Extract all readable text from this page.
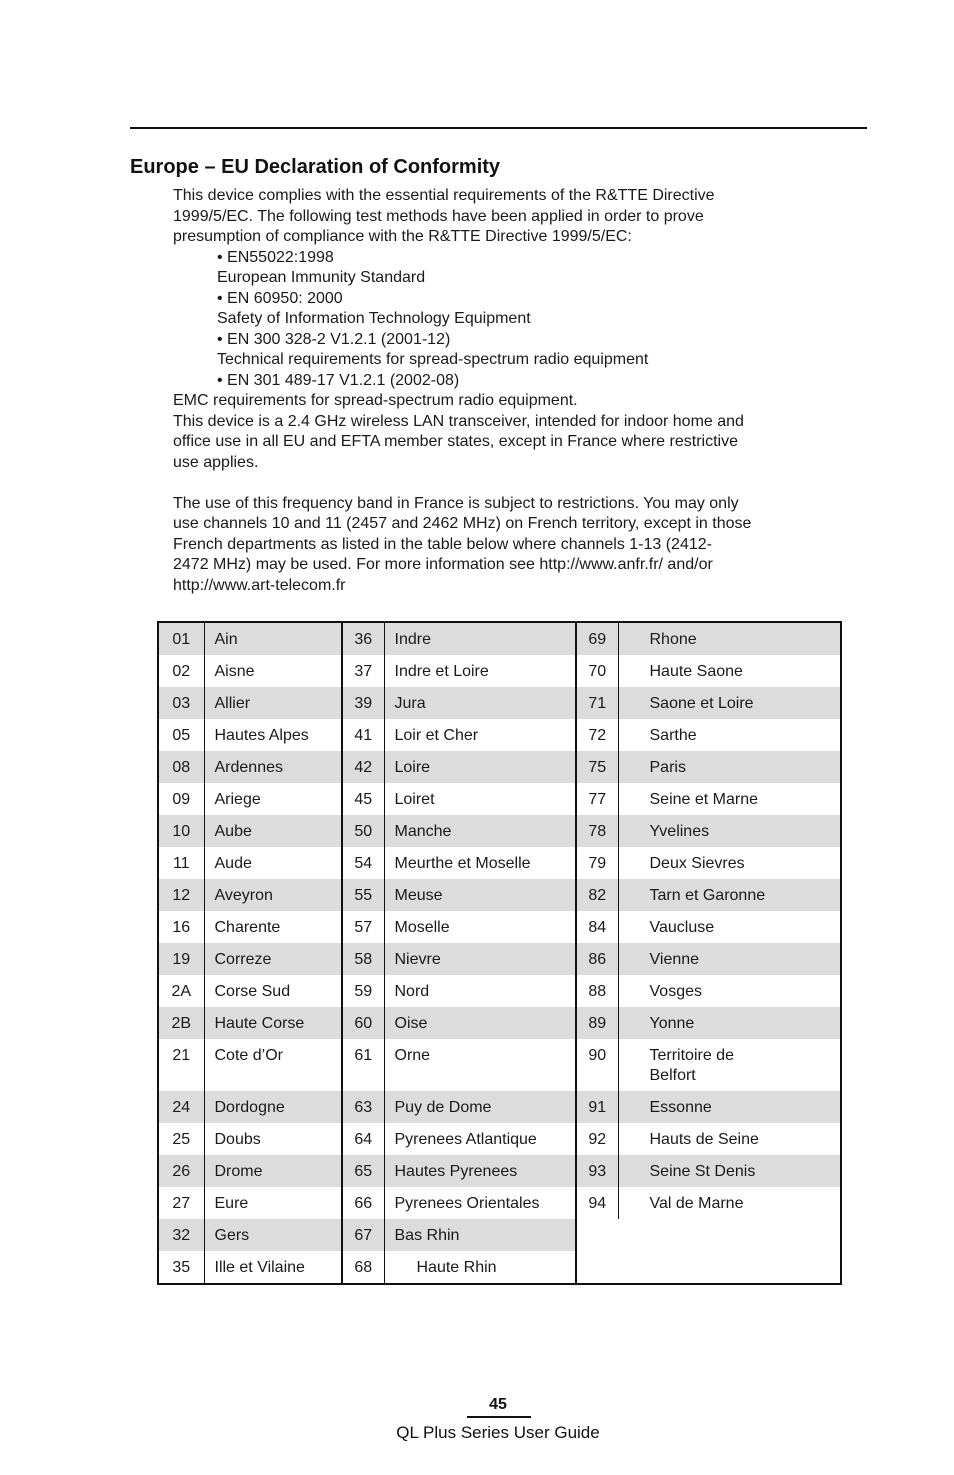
Europe – EU Declaration of Conformity

This device complies with the essential requirements of the R&TTE Directive

1999/5/EC. The following test methods have been applied in order to prove

presumption of compliance with the R&TTE Directive 1999/5/EC:

• EN55022:1998

European Immunity Standard

• EN 60950: 2000

Safety of Information Technology Equipment

• EN 300 328-2 V1.2.1 (2001-12)

Technical requirements for spread-spectrum radio equipment

• EN 301 489-17 V1.2.1 (2002-08)

EMC requirements for spread-spectrum radio equipment.

This device is a 2.4 GHz wireless LAN transceiver, intended for indoor home and

office use in all EU and EFTA member states, except in France where restrictive

use applies.

The use of this frequency band in France is subject to restrictions. You may only

use channels 10 and 11 (2457 and 2462 MHz) on French territory, except in those

French departments as listed in the table below where channels 1-13 (2412-

2472 MHz) may be used. For more information see http://www.anfr.fr/ and/or

http://www.art-telecom.fr

01	Ain	36	Indre	69	Rhone

02	Aisne	37	Indre et Loire	70	Haute Saone

03	Allier	39	Jura	71	Saone et Loire

05	Hautes Alpes	41	Loir et Cher	72	Sarthe

08	Ardennes	42	Loire	75	Paris

09	Ariege	45	Loiret	77	Seine et Marne

10	Aube	50	Manche	78	Yvelines

11	Aude	54	Meurthe et Moselle	79	Deux Sievres

12	Aveyron	55	Meuse	82	Tarn et Garonne

16	Charente	57	Moselle	84	Vaucluse

19	Correze	58	Nievre	86	Vienne

2A	Corse Sud	59	Nord	88	Vosges

2B	Haute Corse	60	Oise	89	Yonne

21	Cote d’Or	61	Orne	90	Territoire de Belfort

24	Dordogne	63	Puy de Dome	91	Essonne

25	Doubs	64	Pyrenees Atlantique	92	Hauts de Seine

26	Drome	65	Hautes Pyrenees	93	Seine St Denis

27	Eure	66	Pyrenees Orientales	94	Val de Marne

32	Gers	67	Bas Rhin		

35	Ille et Vilaine	68	Haute Rhin		

45
QL Plus Series User Guide
